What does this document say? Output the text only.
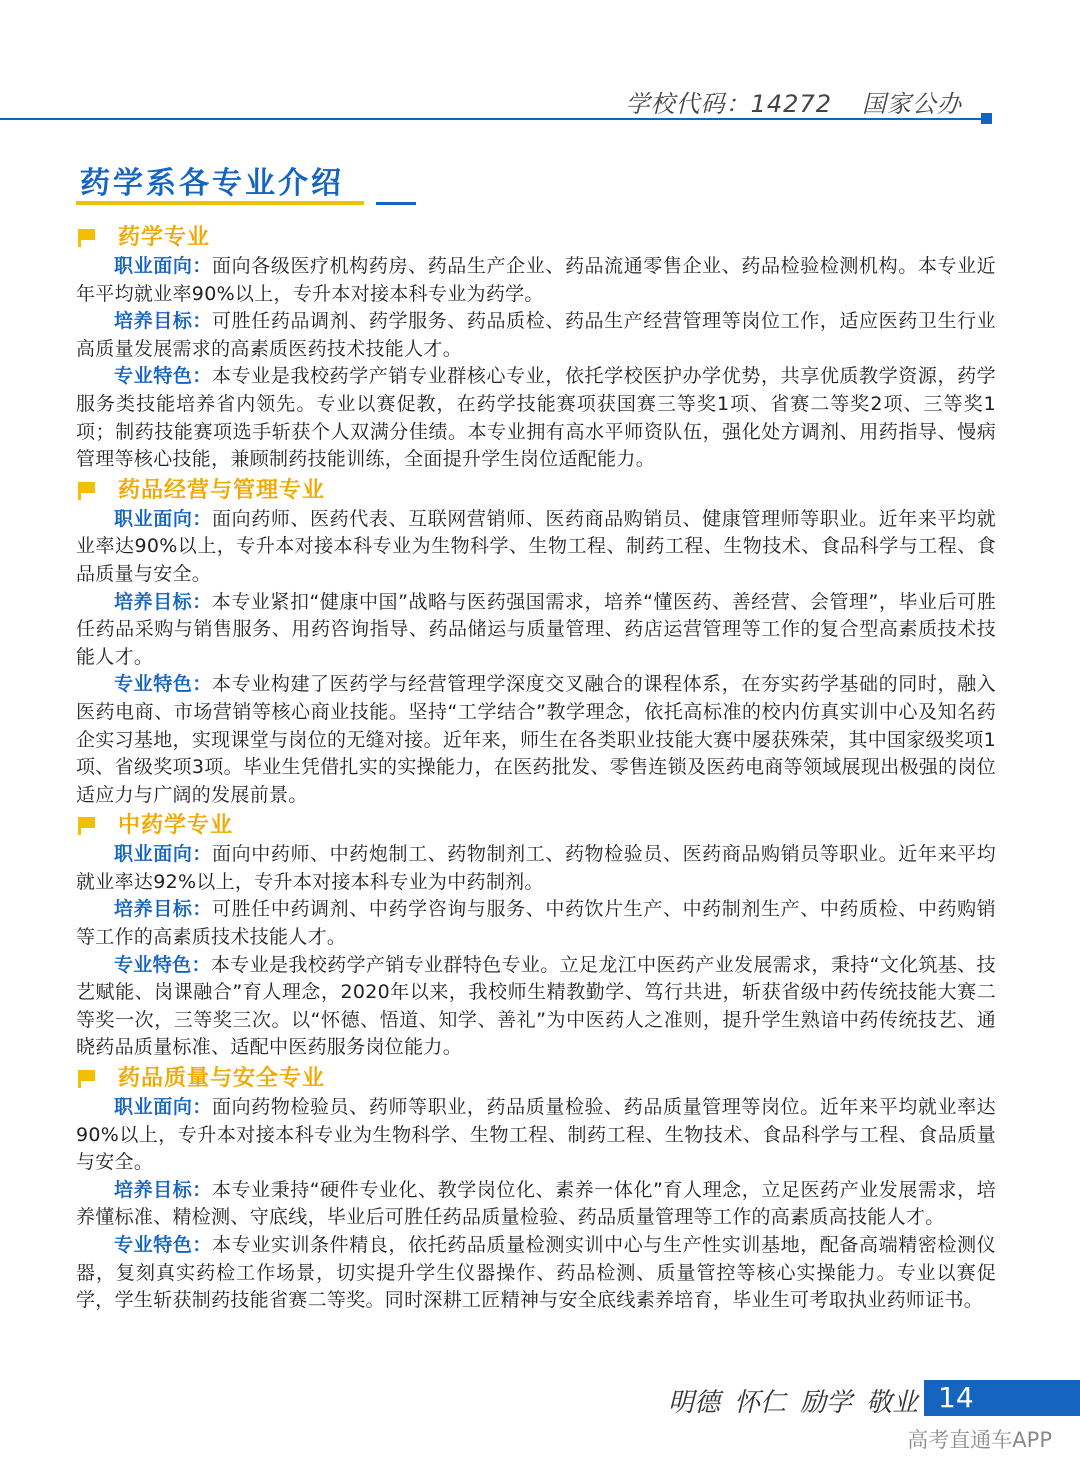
学校代码：14272 国家公办
药学系各专业介绍
药学专业

职业面向：面向各级医疗机构药房、药品生产企业、药品流通零售企业、药品检验检测机构。本专业近年平均就业率90%以上，专升本对接本科专业为药学。

培养目标：可胜任药品调剂、药学服务、药品质检、药品生产经营管理等岗位工作，适应医药卫生行业高质量发展需求的高素质医药技术技能人才。

专业特色：本专业是我校药学产销专业群核心专业，依托学校医护办学优势，共享优质教学资源，药学服务类技能培养省内领先。专业以赛促教，在药学技能赛项获国赛三等奖1项、省赛二等奖2项、三等奖1项；制药技能赛项选手斩获个人双满分佳绩。本专业拥有高水平师资队伍，强化处方调剂、用药指导、慢病管理等核心技能，兼顾制药技能训练，全面提升学生岗位适配能力。

药品经营与管理专业

职业面向：面向药师、医药代表、互联网营销师、医药商品购销员、健康管理师等职业。近年来平均就业率达90%以上，专升本对接本科专业为生物科学、生物工程、制药工程、生物技术、食品科学与工程、食品质量与安全。

培养目标：本专业紧扣“健康中国”战略与医药强国需求，培养“懂医药、善经营、会管理”，毕业后可胜任药品采购与销售服务、用药咨询指导、药品储运与质量管理、药店运营管理等工作的复合型高素质技术技能人才。

专业特色：本专业构建了医药学与经营管理学深度交叉融合的课程体系，在夯实药学基础的同时，融入医药电商、市场营销等核心商业技能。坚持“工学结合”教学理念，依托高标准的校内仿真实训中心及知名药企实习基地，实现课堂与岗位的无缝对接。近年来，师生在各类职业技能大赛中屡获殊荣，其中国家级奖项1项、省级奖项3项。毕业生凭借扎实的实操能力，在医药批发、零售连锁及医药电商等领域展现出极强的岗位适应力与广阔的发展前景。

中药学专业

职业面向：面向中药师、中药炮制工、药物制剂工、药物检验员、医药商品购销员等职业。近年来平均就业率达92%以上，专升本对接本科专业为中药制剂。

培养目标：可胜任中药调剂、中药学咨询与服务、中药饮片生产、中药制剂生产、中药质检、中药购销等工作的高素质技术技能人才。

专业特色：本专业是我校药学产销专业群特色专业。立足龙江中医药产业发展需求，秉持“文化筑基、技艺赋能、岗课融合”育人理念，2020年以来，我校师生精教勤学、笃行共进，斩获省级中药传统技能大赛二等奖一次，三等奖三次。以“怀德、悟道、知学、善礼”为中医药人之准则，提升学生熟谙中药传统技艺、通晓药品质量标准、适配中医药服务岗位能力。

药品质量与安全专业

职业面向：面向药物检验员、药师等职业，药品质量检验、药品质量管理等岗位。近年来平均就业率达90%以上，专升本对接本科专业为生物科学、生物工程、制药工程、生物技术、食品科学与工程、食品质量与安全。

培养目标：本专业秉持“硬件专业化、教学岗位化、素养一体化”育人理念，立足医药产业发展需求，培养懂标准、精检测、守底线，毕业后可胜任药品质量检验、药品质量管理等工作的高素质高技能人才。

专业特色：本专业实训条件精良，依托药品质量检测实训中心与生产性实训基地，配备高端精密检测仪器，复刻真实药检工作场景，切实提升学生仪器操作、药品检测、质量管控等核心实操能力。专业以赛促学，学生斩获制药技能省赛二等奖。同时深耕工匠精神与安全底线素养培育，毕业生可考取执业药师证书。

明德 怀仁 励学 敬业 14
高考直通车APP
